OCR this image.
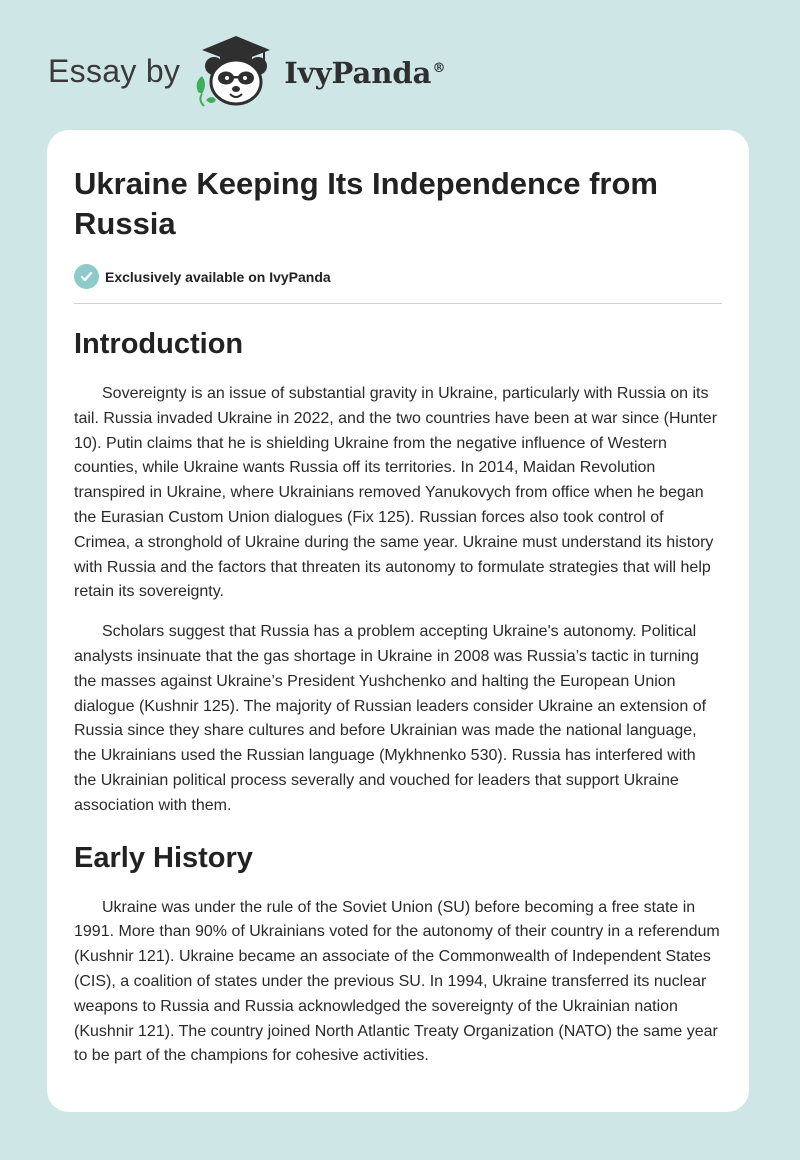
Essay by	IvyPanda®
Ukraine Keeping Its Independence from Russia
Exclusively available on IvyPanda
Introduction

Sovereignty is an issue of substantial gravity in Ukraine, particularly with Russia on its tail. Russia invaded Ukraine in 2022, and the two countries have been at war since (Hunter 10). Putin claims that he is shielding Ukraine from the negative influence of Western counties, while Ukraine wants Russia off its territories. In 2014, Maidan Revolution transpired in Ukraine, where Ukrainians removed Yanukovych from office when he began the Eurasian Custom Union dialogues (Fix 125). Russian forces also took control of Crimea, a stronghold of Ukraine during the same year. Ukraine must understand its history with Russia and the factors that threaten its autonomy to formulate strategies that will help retain its sovereignty.

Scholars suggest that Russia has a problem accepting Ukraine's autonomy. Political analysts insinuate that the gas shortage in Ukraine in 2008 was Russia’s tactic in turning the masses against Ukraine’s President Yushchenko and halting the European Union dialogue (Kushnir 125). The majority of Russian leaders consider Ukraine an extension of Russia since they share cultures and before Ukrainian was made the national language, the Ukrainians used the Russian language (Mykhnenko 530). Russia has interfered with the Ukrainian political process severally and vouched for leaders that support Ukraine association with them.

Early History

Ukraine was under the rule of the Soviet Union (SU) before becoming a free state in 1991. More than 90% of Ukrainians voted for the autonomy of their country in a referendum (Kushnir 121). Ukraine became an associate of the Commonwealth of Independent States (CIS), a coalition of states under the previous SU. In 1994, Ukraine transferred its nuclear weapons to Russia and Russia acknowledged the sovereignty of the Ukrainian nation (Kushnir 121). The country joined North Atlantic Treaty Organization (NATO) the same year to be part of the champions for cohesive activities.
